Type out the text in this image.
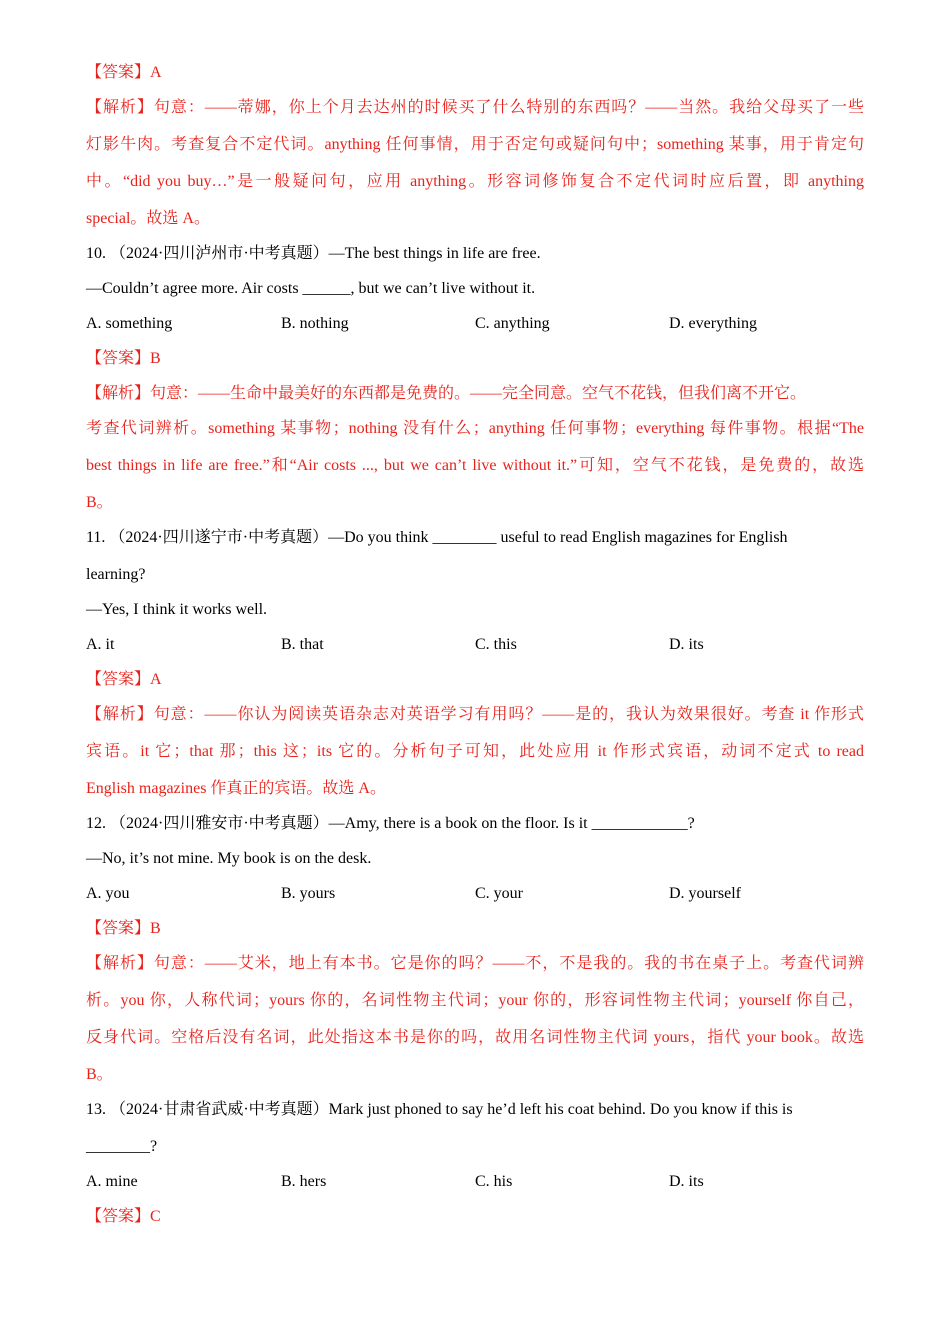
【答案】A
【解析】句意：——蒂娜，你上个月去达州的时候买了什么特别的东西吗？——当然。我给父母买了一些
灯影牛肉。考查复合不定代词。anything 任何事情，用于否定句或疑问句中；something 某事，用于肯定句
中。“did you buy…”是一般疑问句，应用 anything。形容词修饰复合不定代词时应后置，即 anything
special。故选 A。
10. （2024·四川泸州市·中考真题）—The best things in life are free.
—Couldn’t agree more. Air costs ______, but we can’t live without it.
【答案】B
【解析】句意：——生命中最美好的东西都是免费的。——完全同意。空气不花钱，但我们离不开它。
考查代词辨析。something 某事物；nothing 没有什么；anything 任何事物；everything 每件事物。根据“The
best things in life are free.”和“Air costs ..., but we can’t live without it.”可知，空气不花钱，是免费的，故选
B。
11. （2024·四川遂宁市·中考真题）—Do you think ________ useful to read English magazines for English
learning?
—Yes, I think it works well.
【答案】A
【解析】句意：——你认为阅读英语杂志对英语学习有用吗？——是的，我认为效果很好。考查 it 作形式
宾语。it 它；that 那；this 这；its 它的。分析句子可知，此处应用 it 作形式宾语，动词不定式 to read
English magazines 作真正的宾语。故选 A。
12. （2024·四川雅安市·中考真题）—Amy, there is a book on the floor. Is it ____________?
—No, it’s not mine. My book is on the desk.
【答案】B
【解析】句意：——艾米，地上有本书。它是你的吗？——不，不是我的。我的书在桌子上。考查代词辨
析。you 你，人称代词；yours 你的，名词性物主代词；your 你的，形容词性物主代词；yourself 你自己，
反身代词。空格后没有名词，此处指这本书是你的吗，故用名词性物主代词 yours，指代 your book。故选
B。
13. （2024·甘肃省武威·中考真题）Mark just phoned to say he’d left his coat behind. Do you know if this is
________?
【答案】C
A. something	B. nothing	C. anything	D. everything
A. it	B. that	C. this	D. its
A. you	B. yours	C. your	D. yourself
A. mine	B. hers	C. his	D. its
